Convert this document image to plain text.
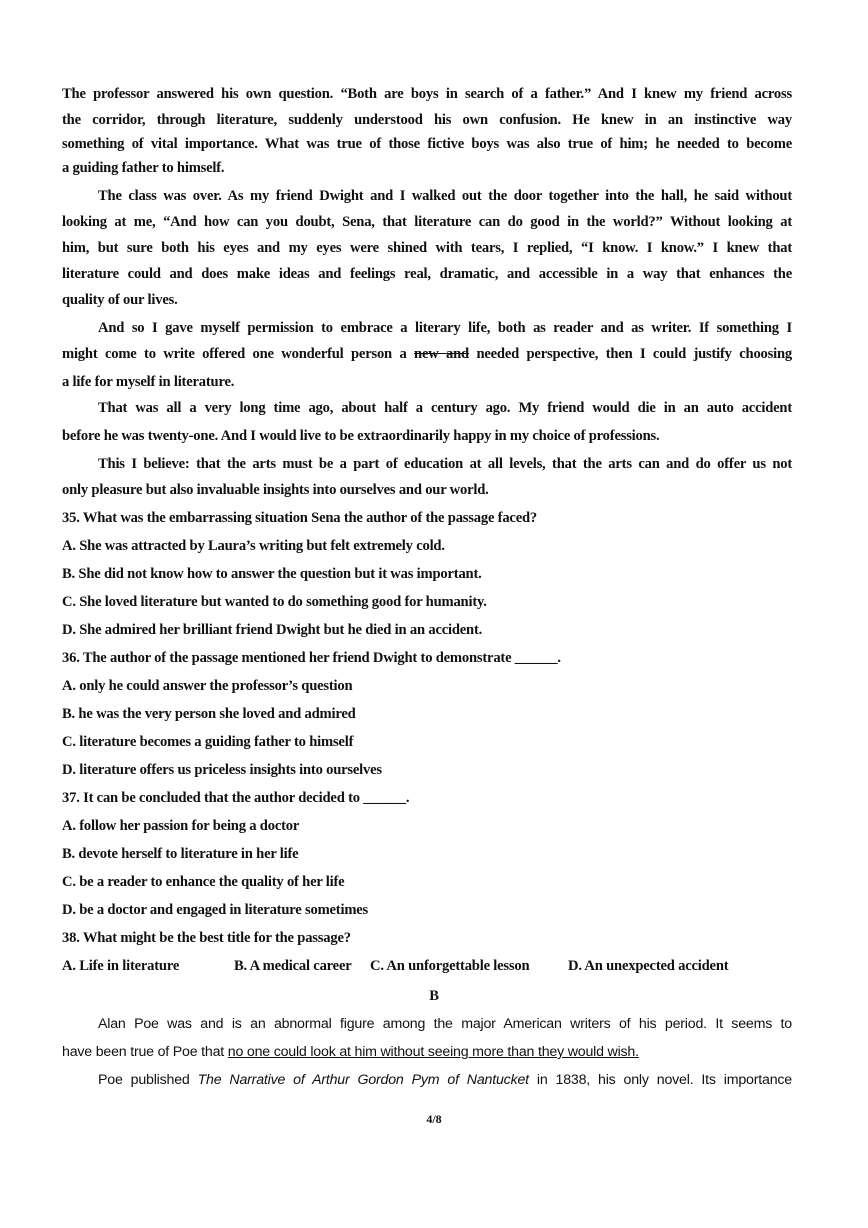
The professor answered his own question. “Both are boys in search of a father.” And I knew my friend across
the corridor, through literature, suddenly understood his own confusion. He knew in an instinctive way
something of vital importance. What was true of those fictive boys was also true of him; he needed to become
a guiding father to himself.
The class was over. As my friend Dwight and I walked out the door together into the hall, he said without
looking at me, “And how can you doubt, Sena, that literature can do good in the world?” Without looking at
him, but sure both his eyes and my eyes were shined with tears, I replied, “I know. I know.” I knew that
literature could and does make ideas and feelings real, dramatic, and accessible in a way that enhances the
quality of our lives.
And so I gave myself permission to embrace a literary life, both as reader and as writer. If something I
might come to write offered one wonderful person a new and needed perspective, then I could justify choosing
a life for myself in literature.
That was all a very long time ago, about half a century ago. My friend would die in an auto accident
before he was twenty-one. And I would live to be extraordinarily happy in my choice of professions.
This I believe: that the arts must be a part of education at all levels, that the arts can and do offer us not
only pleasure but also invaluable insights into ourselves and our world.
35. What was the embarrassing situation Sena the author of the passage faced?
A. She was attracted by Laura’s writing but felt extremely cold.
B. She did not know how to answer the question but it was important.
C. She loved literature but wanted to do something good for humanity.
D. She admired her brilliant friend Dwight but he died in an accident.
36. The author of the passage mentioned her friend Dwight to demonstrate ______.
A. only he could answer the professor’s question
B. he was the very person she loved and admired
C. literature becomes a guiding father to himself
D. literature offers us priceless insights into ourselves
37. It can be concluded that the author decided to ______.
A. follow her passion for being a doctor
B. devote herself to literature in her life
C. be a reader to enhance the quality of her life
D. be a doctor and engaged in literature sometimes
38. What might be the best title for the passage?
A. Life in literature	B. A medical career	C. An unforgettable lesson	D. An unexpected accident
B
Alan Poe was and is an abnormal figure among the major American writers of his period. It seems to
have been true of Poe that no one could look at him without seeing more than they would wish.
Poe published The Narrative of Arthur Gordon Pym of Nantucket in 1838, his only novel. Its importance
4/8
